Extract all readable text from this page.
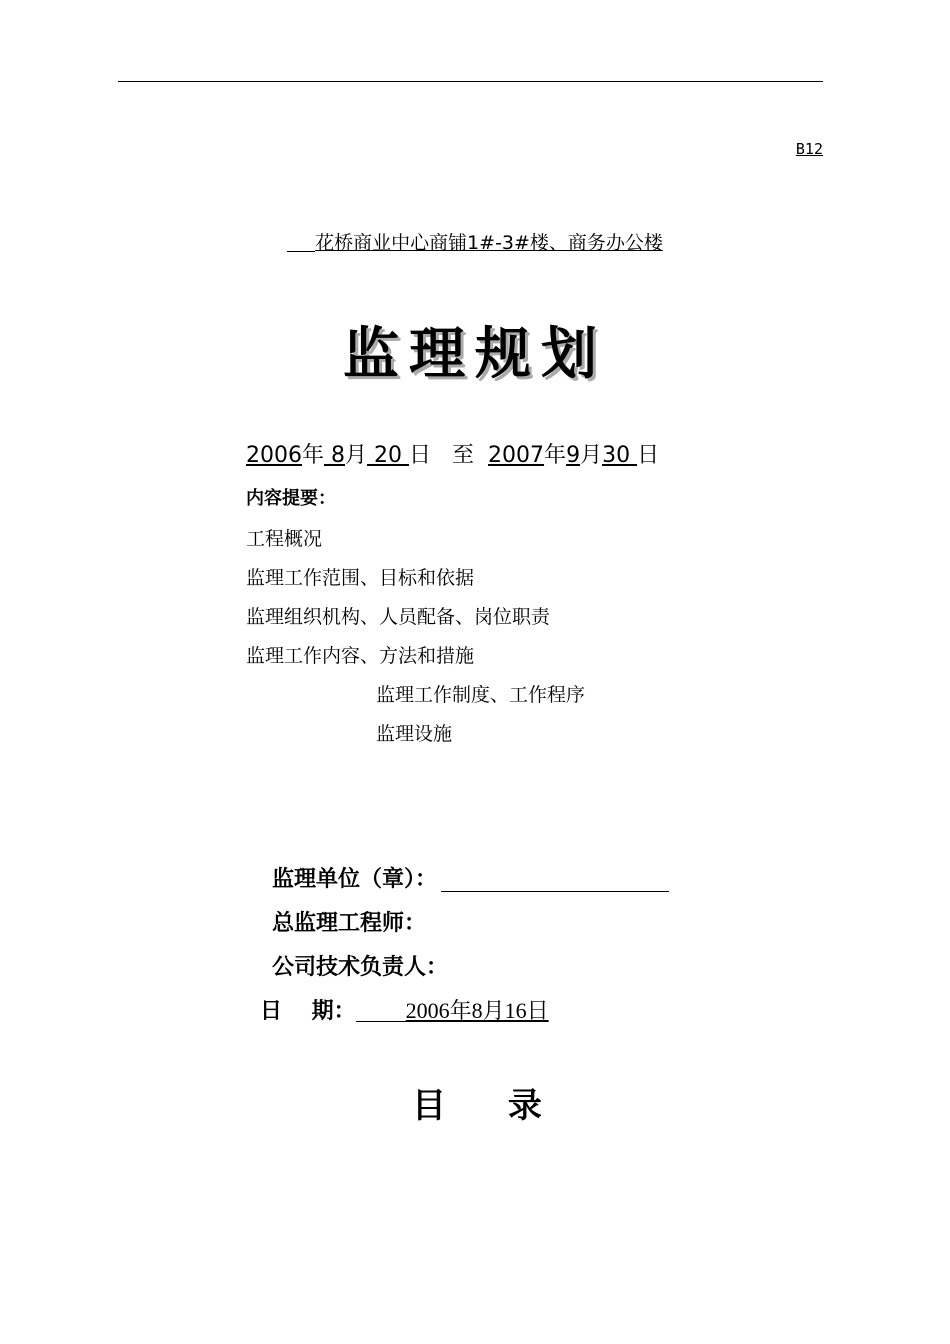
B12
花桥商业中心商铺1#-3#楼、商务办公楼
监理规划
2006年 8月 20 日 至 2007年9月30 日
内容提要：
工程概况
监理工作范围、目标和依据
监理组织机构、人员配备、岗位职责
监理工作内容、方法和措施
监理工作制度、工作程序
监理设施
监理单位（章）：
总监理工程师：
公司技术负责人：
日　 期： 2006年8月16日
目 录
